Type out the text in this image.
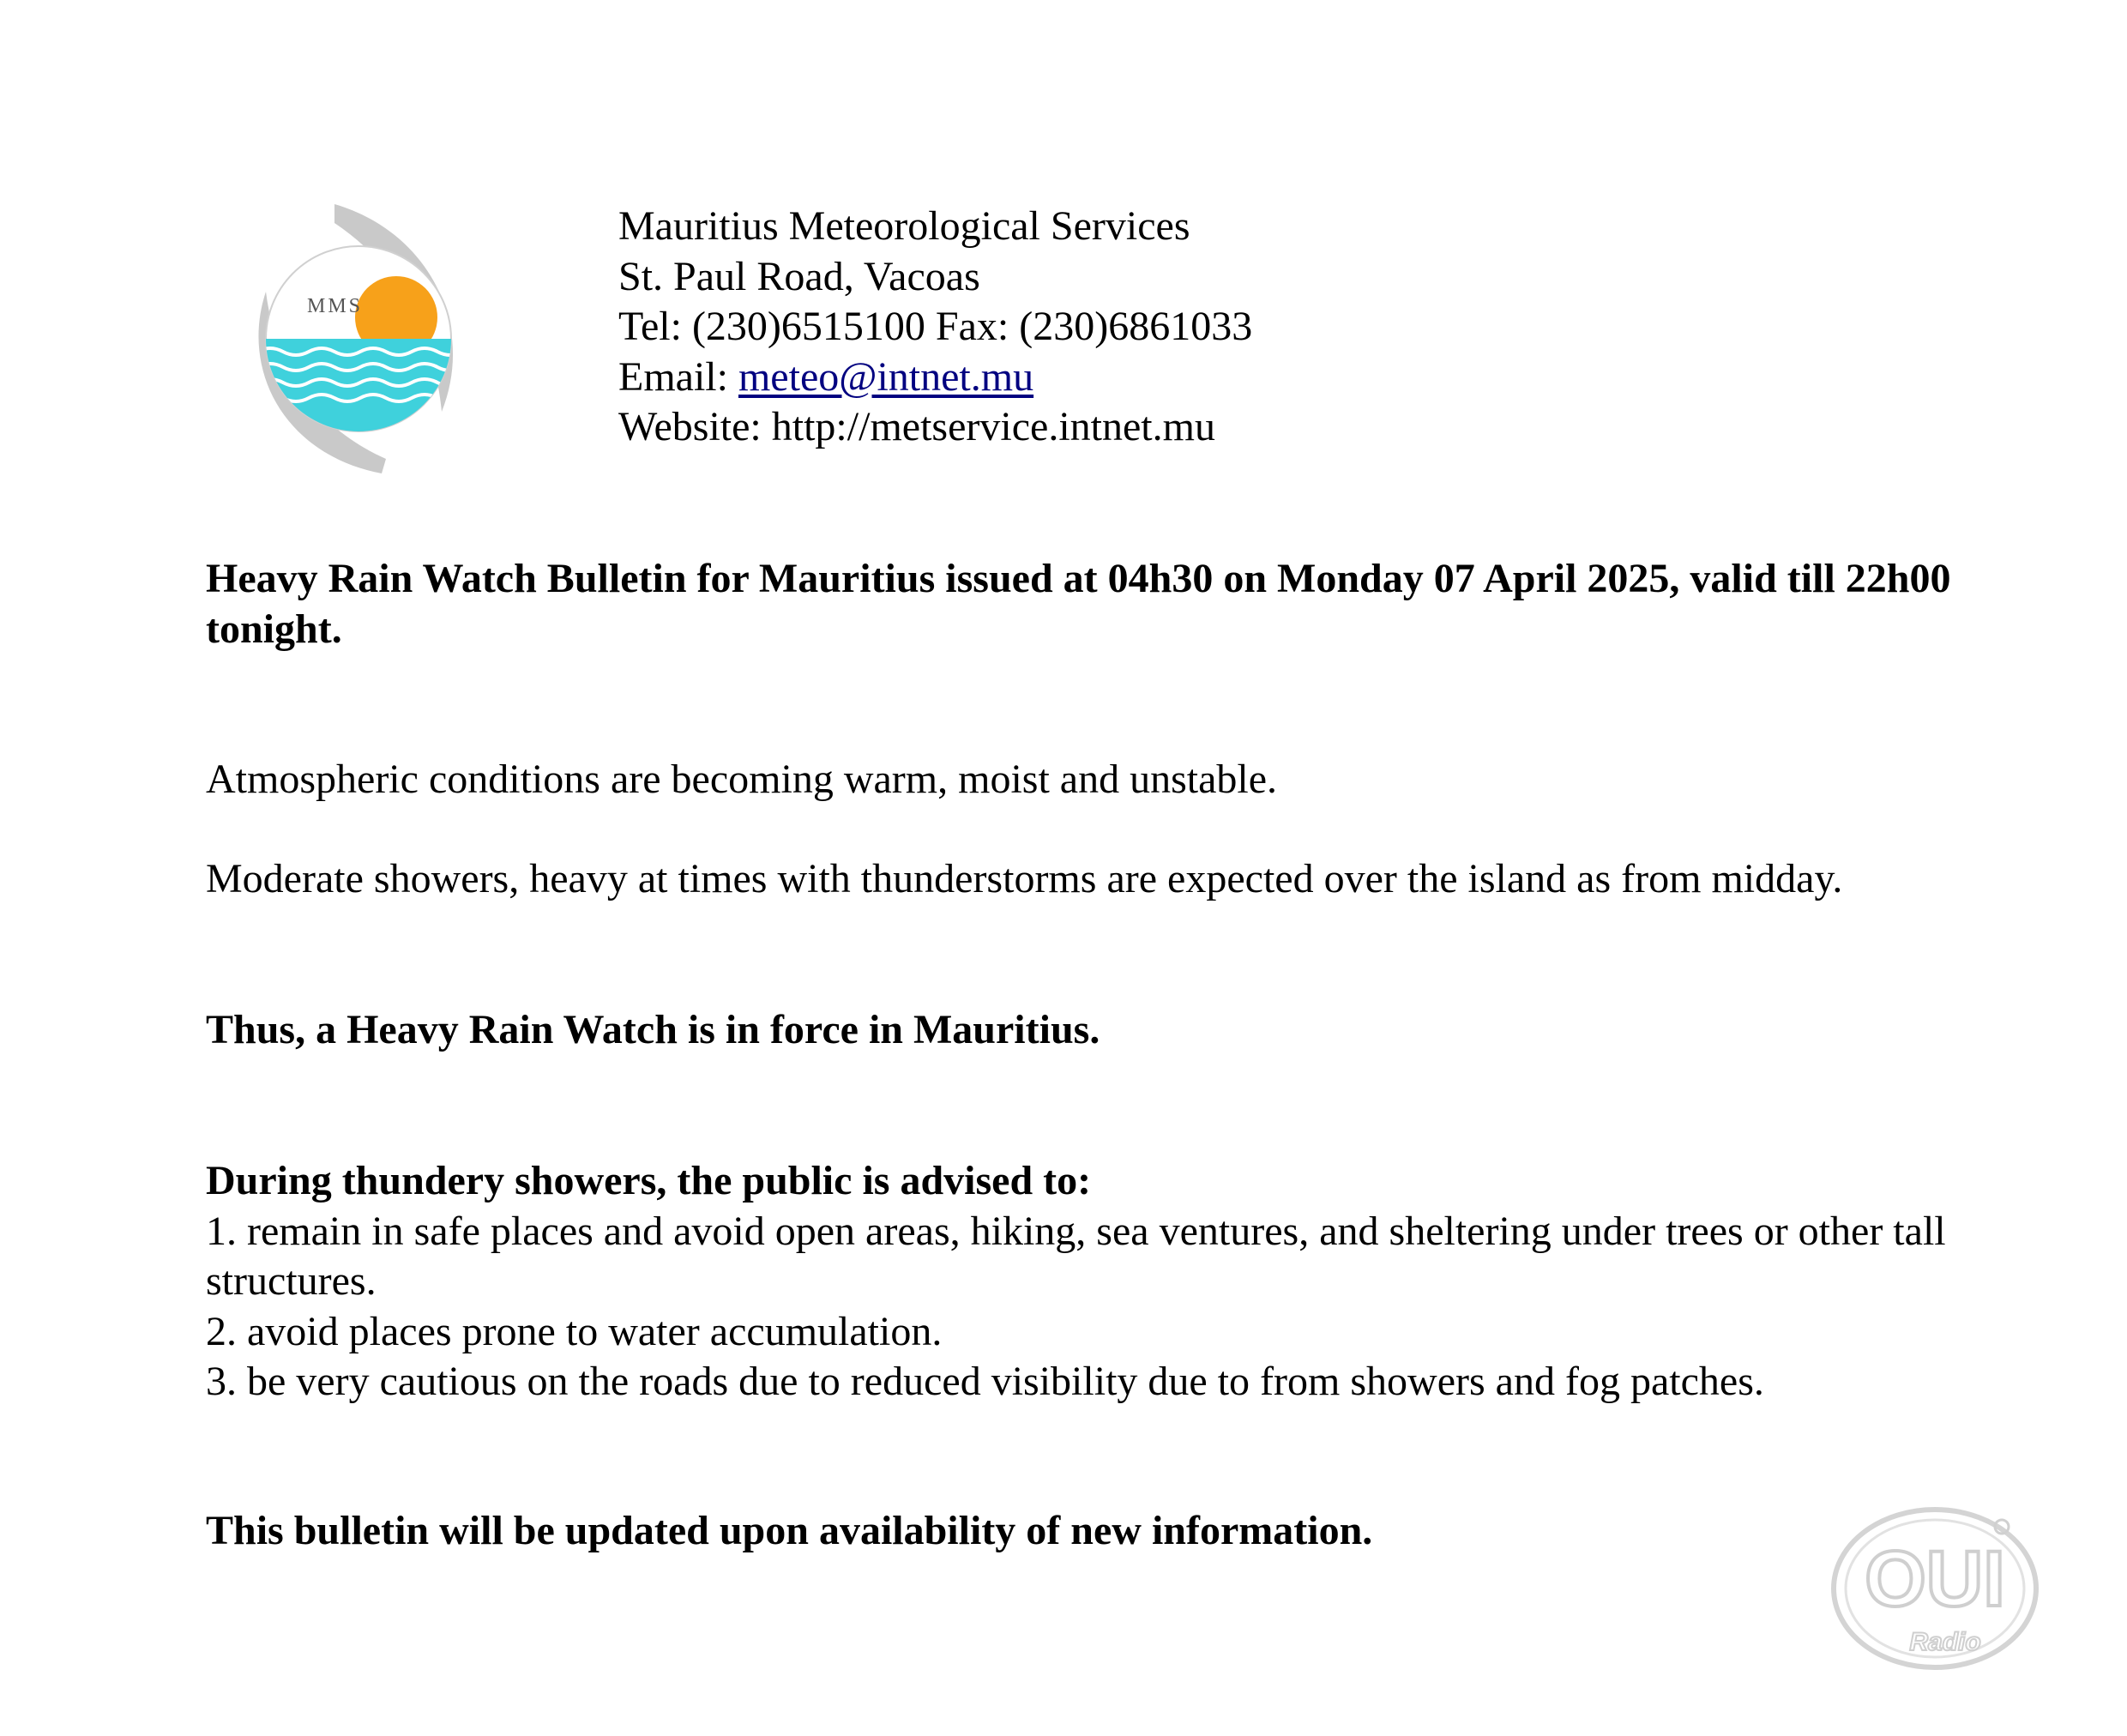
MMS
Mauritius Meteorological Services
St. Paul Road, Vacoas
Tel: (230)6515100 Fax: (230)6861033
Email: meteo@intnet.mu
Website: http://metservice.intnet.mu
Heavy Rain Watch Bulletin for Mauritius issued at 04h30 on Monday 07 April 2025, valid till 22h00 tonight.
Atmospheric conditions are becoming warm, moist and unstable.
Moderate showers, heavy at times with thunderstorms are expected over the island as from midday.
Thus, a Heavy Rain Watch is in force in Mauritius.
During thundery showers, the public is advised to:
1. remain in safe places and avoid open areas, hiking, sea ventures, and sheltering under trees or other tall structures.
2. avoid places prone to water accumulation.
3. be very cautious on the roads due to reduced visibility due to from showers and fog patches.
This bulletin will be updated upon availability of new information.
OUI
Radio
